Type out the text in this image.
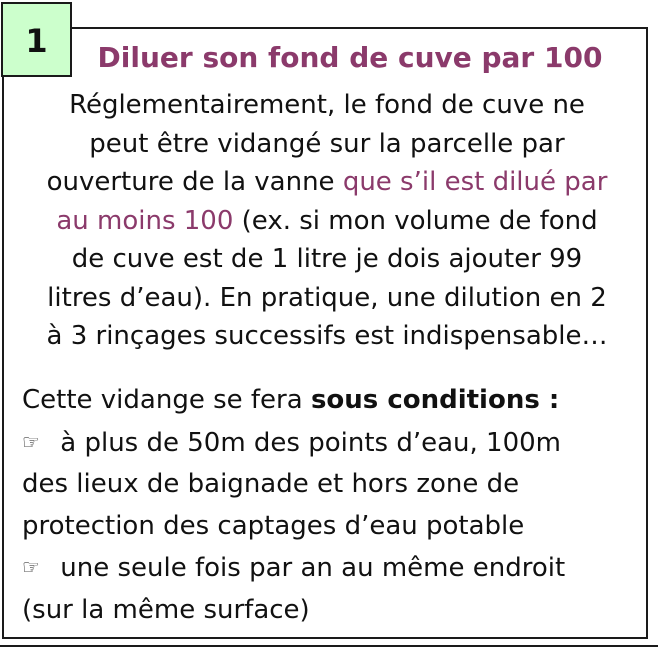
1	Diluer son fond de cuve par 100
Réglementairement, le fond de cuve ne
peut être vidangé sur la parcelle par
ouverture de la vanne que s’il est dilué par
au moins 100 (ex. si mon volume de fond
de cuve est de 1 litre je dois ajouter 99
litres d’eau). En pratique, une dilution en 2
à 3 rinçages successifs est indispensable…
Cette vidange se fera sous conditions :
☞ à plus de 50m des points d’eau, 100m
des lieux de baignade et hors zone de
protection des captages d’eau potable
☞ une seule fois par an au même endroit
(sur la même surface)
